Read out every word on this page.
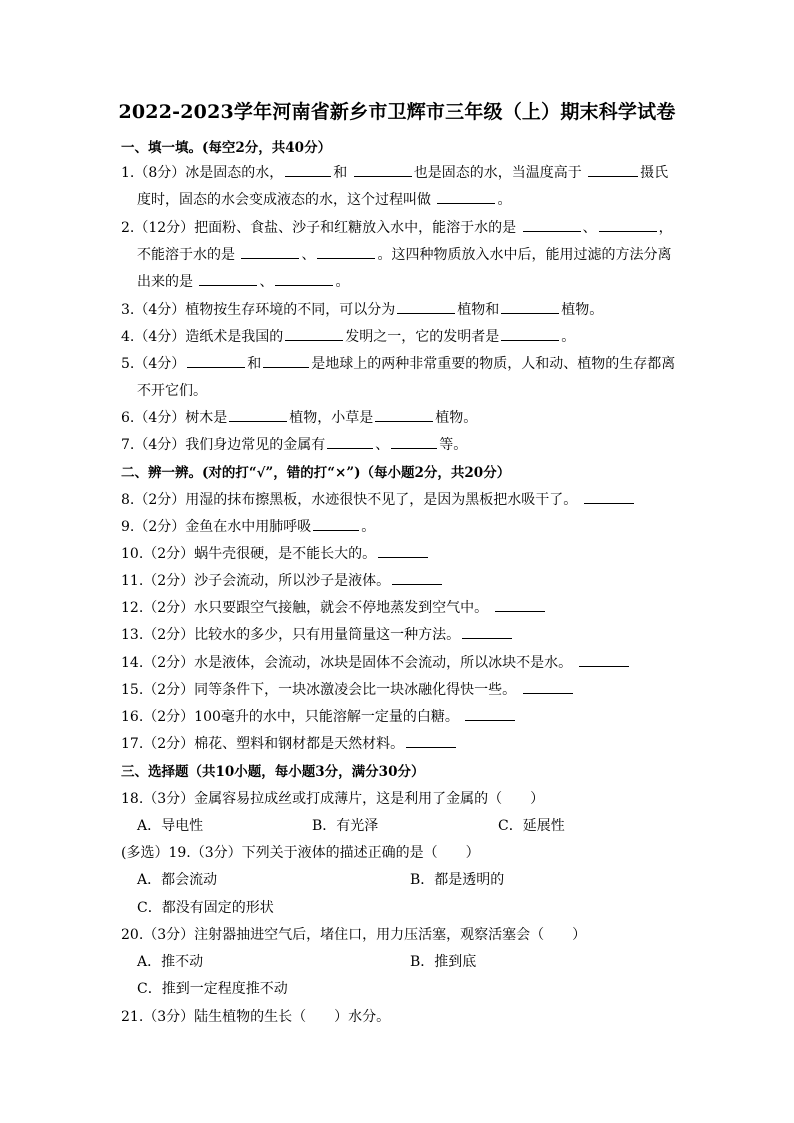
2022-2023学年河南省新乡市卫辉市三年级（上）期末科学试卷
一、填一填。(每空2分，共40分）
1.（8分）冰是固态的水，	和	也是固态的水，当温度高于	摄氏
度时，固态的水会变成液态的水，这个过程叫做	。
2.（12分）把面粉、食盐、沙子和红糖放入水中，能溶于水的是	、	，
不能溶于水的是	、	。这四种物质放入水中后，能用过滤的方法分离
出来的是	、	。
3.（4分）植物按生存环境的不同，可以分为	植物和	植物。
4.（4分）造纸术是我国的	发明之一，它的发明者是	。
5.（4分）	和	是地球上的两种非常重要的物质，人和动、植物的生存都离
不开它们。
6.（4分）树木是	植物，小草是	植物。
7.（4分）我们身边常见的金属有	、	等。
二、辨一辨。(对的打“√”，错的打“×”)（每小题2分，共20分）
8.（2分）用湿的抹布擦黑板，水迹很快不见了，是因为黑板把水吸干了。
9.（2分）金鱼在水中用肺呼吸	。
10.（2分）蜗牛壳很硬，是不能长大的。
11.（2分）沙子会流动，所以沙子是液体。
12.（2分）水只要跟空气接触，就会不停地蒸发到空气中。
13.（2分）比较水的多少，只有用量筒量这一种方法。
14.（2分）水是液体，会流动，冰块是固体不会流动，所以冰块不是水。
15.（2分）同等条件下，一块冰激凌会比一块冰融化得快一些。
16.（2分）100毫升的水中，只能溶解一定量的白糖。
17.（2分）棉花、塑料和钢材都是天然材料。
三、选择题（共10小题，每小题3分，满分30分）
18.（3分）金属容易拉成丝或打成薄片，这是利用了金属的（　　）
A．导电性	B．有光泽	C．延展性
(多选）19.（3分）下列关于液体的描述正确的是（　　）
A．都会流动	B．都是透明的
C．都没有固定的形状
20.（3分）注射器抽进空气后，堵住口，用力压活塞，观察活塞会（　　）
A．推不动	B．推到底
C．推到一定程度推不动
21.（3分）陆生植物的生长（　　）水分。
